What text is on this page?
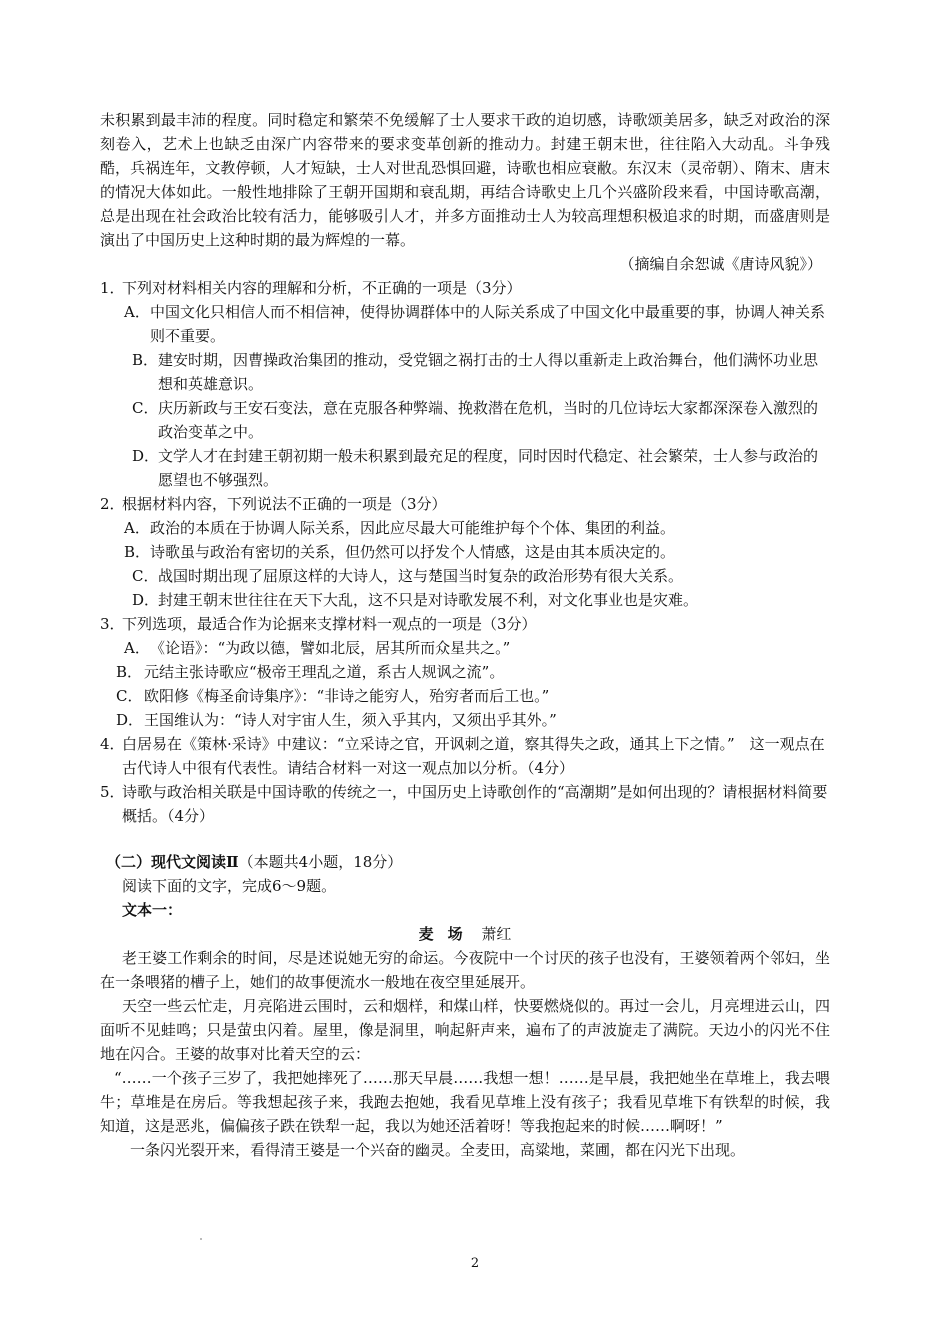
未积累到最丰沛的程度。同时稳定和繁荣不免缓解了士人要求干政的迫切感，诗歌颂美居多，缺乏对政治的深刻卷入，艺术上也缺乏由深广内容带来的要求变革创新的推动力。封建王朝末世，往往陷入大动乱。斗争残酷，兵祸连年，文教停顿，人才短缺，士人对世乱恐惧回避，诗歌也相应衰敝。东汉末（灵帝朝）、隋末、唐末的情况大体如此。一般性地排除了王朝开国期和衰乱期，再结合诗歌史上几个兴盛阶段来看，中国诗歌高潮，总是出现在社会政治比较有活力，能够吸引人才，并多方面推动士人为较高理想积极追求的时期，而盛唐则是演出了中国历史上这种时期的最为辉煌的一幕。
（摘编自余恕诚《唐诗风貌》）
1．
下列对材料相关内容的理解和分析，不正确的一项是（3分）
A． 中国文化只相信人而不相信神，使得协调群体中的人际关系成了中国文化中最重要的事，协调人神关系则不重要。
B． 建安时期，因曹操政治集团的推动，受党锢之祸打击的士人得以重新走上政治舞台，他们满怀功业思想和英雄意识。
C． 庆历新政与王安石变法，意在克服各种弊端、挽救潜在危机，当时的几位诗坛大家都深深卷入激烈的政治变革之中。
D．
文学人才在封建王朝初期一般未积累到最充足的程度，同时因时代稳定、社会繁荣，士人参与政治的愿望也不够强烈。
2．
根据材料内容，下列说法不正确的一项是（3分）
A． 政治的本质在于协调人际关系，因此应尽最大可能维护每个个体、集团的利益。
B． 诗歌虽与政治有密切的关系，但仍然可以抒发个人情感，这是由其本质决定的。
C． 战国时期出现了屈原这样的大诗人，这与楚国当时复杂的政治形势有很大关系。
D．
封建王朝末世往往在天下大乱，这不只是对诗歌发展不利，对文化事业也是灾难。
3．
下列选项，最适合作为论据来支撑材料一观点的一项是（3分）
A． 《论语》：“为政以德，譬如北辰，居其所而众星共之。”
B． 元结主张诗歌应“极帝王理乱之道，系古人规讽之流”。
C． 欧阳修《梅圣俞诗集序》：“非诗之能穷人，殆穷者而后工也。”
D． 王国维认为：“诗人对宇宙人生，须入乎其内，又须出乎其外。”
4．
白居易在《策林·采诗》中建议：“立采诗之官，开讽刺之道，察其得失之政，通其上下之情。”　这一观点在古代诗人中很有代表性。请结合材料一对这一观点加以分析。（4分）
5．
诗歌与政治相关联是中国诗歌的传统之一，中国历史上诗歌创作的“高潮期”是如何出现的？请根据材料简要概括。（4分）
（二）现代文阅读Ⅱ（本题共4小题，18分）
阅读下面的文字，完成6～9题。
文本一：
麦场 萧红
老王婆工作剩余的时间，尽是述说她无穷的命运。今夜院中一个讨厌的孩子也没有，王婆领着两个邻妇，坐在一条喂猪的槽子上，她们的故事便流水一般地在夜空里延展开。
天空一些云忙走，月亮陷进云围时，云和烟样，和煤山样，快要燃烧似的。再过一会儿，月亮埋进云山，四面听不见蛙鸣；只是萤虫闪着。屋里，像是洞里，响起鼾声来，遍布了的声波旋走了满院。天边小的闪光不住地在闪合。王婆的故事对比着天空的云：
“……一个孩子三岁了，我把她摔死了……那天早晨……我想一想！……是早晨，我把她坐在草堆上，我去喂牛；草堆是在房后。等我想起孩子来，我跑去抱她，我看见草堆上没有孩子；我看见草堆下有铁犁的时候，我知道，这是恶兆，偏偏孩子跌在铁犁一起，我以为她还活着呀！等我抱起来的时候……啊呀！”
一条闪光裂开来，看得清王婆是一个兴奋的幽灵。全麦田，高粱地，菜圃，都在闪光下出现。
2
